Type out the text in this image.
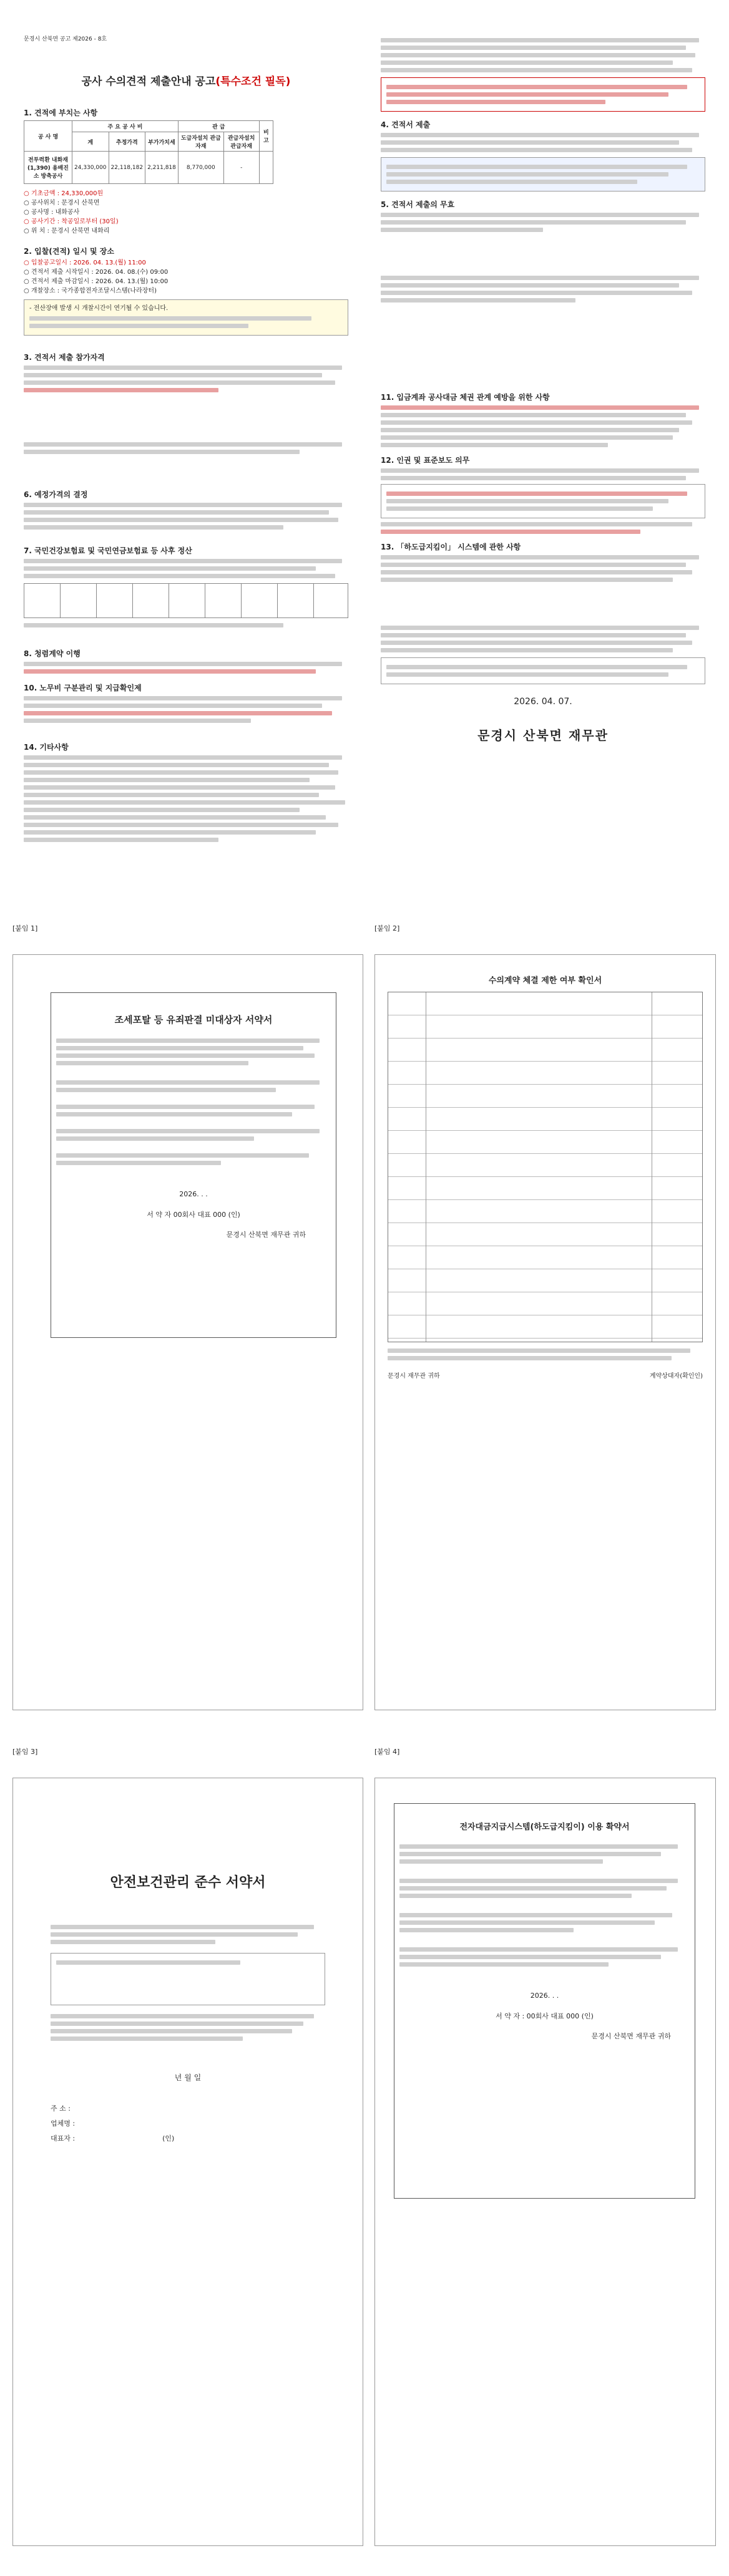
문경시 산북면 공고 제2026 - 8호
공사 수의견적 제출안내 공고(특수조건 필독)
1. 견적에 부치는 사항
공 사 명	주 요 공 사 비			관 급		비 고
	계	추정가격	부가가치세	도급자설치 관급자재	관급자설치 관급자재	
전투력환 내화재(1,390) 용배진소 방축공사	24,330,000	22,118,182	2,211,818	8,770,000	-	
○ 기초금액 : 24,330,000원
○ 공사위치 : 문경시 산북면
○ 공사명 : 내화공사
○ 공사기간 : 착공일로부터 (30일)
○ 위 치 : 문경시 산북면 내화리
2. 입찰(견적) 일시 및 장소
○ 입찰공고일시 : 2026. 04. 13.(월) 11:00
○ 견적서 제출 시작일시 : 2026. 04. 08.(수) 09:00
○ 견적서 제출 마감일시 : 2026. 04. 13.(월) 10:00
○ 개찰장소 : 국가종합전자조달시스템(나라장터)
- 전산장애 발생 시 개찰시간이 연기될 수 있습니다.
3. 견적서 제출 참가자격
6. 예정가격의 결정
7. 국민건강보험료 및 국민연금보험료 등 사후 정산
8. 청렴계약 이행
10. 노무비 구분관리 및 지급확인제
14. 기타사항
4. 견적서 제출
5. 견적서 제출의 무효
11. 입금계좌 공사대금 체권 관계 예방을 위한 사항
12. 인권 및 표준보도 의무
13. 「하도급지킴이」 시스템에 관한 사항
2026. 04. 07.
문경시 산북면 재무관
[붙임 1]
조세포탈 등 유죄판결 미대상자 서약서
2026. . .
서 약 자 00회사 대표 000 (인)
문경시 산북면 재무관 귀하
[붙임 2]
수의계약 체결 제한 여부 확인서
문경시 재무관 귀하	계약상대자(확인인)
[붙임 3]
안전보건관리 준수 서약서
년 월 일
주 소 :
업체명 :
대표자 :	(인)
[붙임 4]
전자대금지급시스템(하도급지킴이) 이용 확약서
2026. . .
서 약 자 : 00회사 대표 000 (인)
문경시 산북면 재무관 귀하
